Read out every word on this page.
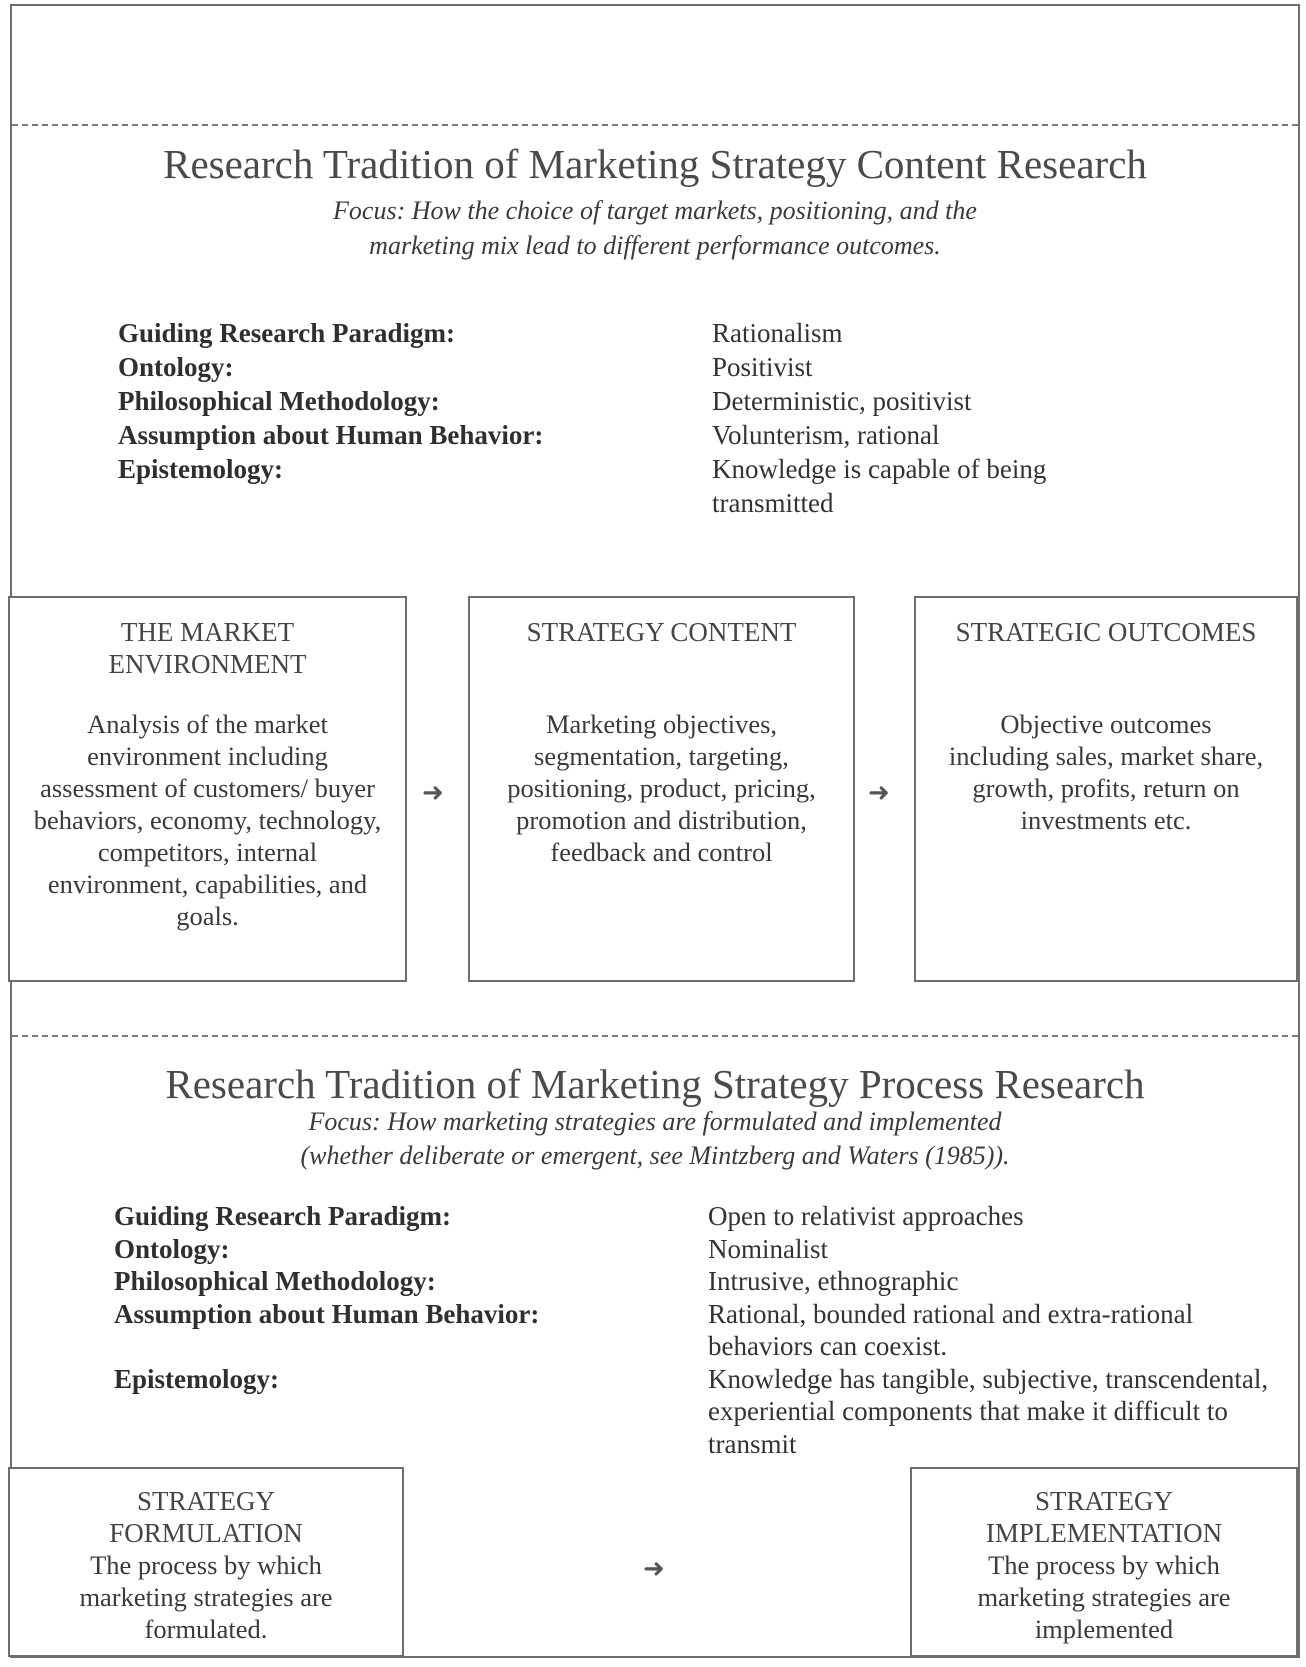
Research Tradition of Marketing Strategy Content Research
Focus: How the choice of target markets, positioning, and the
marketing mix lead to different performance outcomes.
Guiding Research Paradigm:	Rationalism
Ontology:	Positivist
Philosophical Methodology:	Deterministic, positivist
Assumption about Human Behavior:	Volunterism, rational
Epistemology:	Knowledge is capable of being transmitted
THE MARKET ENVIRONMENT
Analysis of the market environment including assessment of customers/ buyer behaviors, economy, technology, competitors, internal environment, capabilities, and goals.
➜
STRATEGY CONTENT
Marketing objectives, segmentation, targeting, positioning, product, pricing, promotion and distribution, feedback and control
➜
STRATEGIC OUTCOMES
Objective outcomes including sales, market share, growth, profits, return on investments etc.
Research Tradition of Marketing Strategy Process Research
Focus: How marketing strategies are formulated and implemented
(whether deliberate or emergent, see Mintzberg and Waters (1985)).
Guiding Research Paradigm:	Open to relativist approaches
Ontology:	Nominalist
Philosophical Methodology:	Intrusive, ethnographic
Assumption about Human Behavior:	Rational, bounded rational and extra-rational behaviors can coexist.
Epistemology:	Knowledge has tangible, subjective, transcendental, experiential components that make it difficult to transmit
STRATEGY FORMULATION
The process by which marketing strategies are formulated.
➜
STRATEGY IMPLEMENTATION
The process by which marketing strategies are implemented
